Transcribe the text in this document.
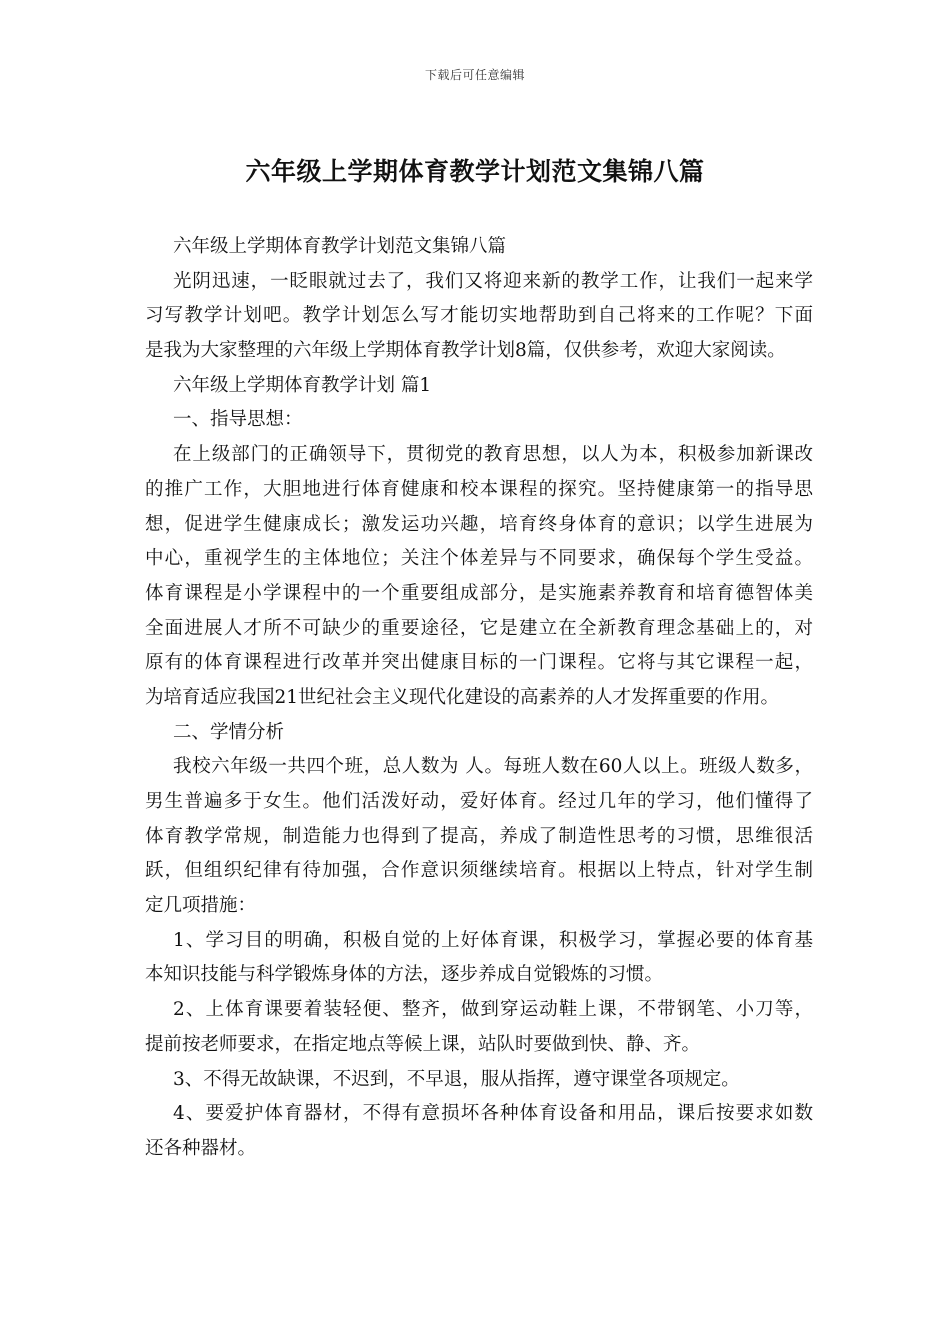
下载后可任意编辑
六年级上学期体育教学计划范文集锦八篇
六年级上学期体育教学计划范文集锦八篇
光阴迅速，一眨眼就过去了，我们又将迎来新的教学工作，让我们一起来学
习写教学计划吧。教学计划怎么写才能切实地帮助到自己将来的工作呢？下面
是我为大家整理的六年级上学期体育教学计划8篇，仅供参考，欢迎大家阅读。
六年级上学期体育教学计划 篇1
一、指导思想：
在上级部门的正确领导下，贯彻党的教育思想，以人为本，积极参加新课改
的推广工作，大胆地进行体育健康和校本课程的探究。坚持健康第一的指导思
想，促进学生健康成长；激发运功兴趣，培育终身体育的意识；以学生进展为
中心，重视学生的主体地位；关注个体差异与不同要求，确保每个学生受益。
体育课程是小学课程中的一个重要组成部分，是实施素养教育和培育德智体美
全面进展人才所不可缺少的重要途径，它是建立在全新教育理念基础上的，对
原有的体育课程进行改革并突出健康目标的一门课程。它将与其它课程一起，
为培育适应我国21世纪社会主义现代化建设的高素养的人才发挥重要的作用。
二、学情分析
我校六年级一共四个班，总人数为 人。每班人数在60人以上。班级人数多，
男生普遍多于女生。他们活泼好动，爱好体育。经过几年的学习，他们懂得了
体育教学常规，制造能力也得到了提高，养成了制造性思考的习惯，思维很活
跃，但组织纪律有待加强，合作意识须继续培育。根据以上特点，针对学生制
定几项措施：
1、学习目的明确，积极自觉的上好体育课，积极学习，掌握必要的体育基
本知识技能与科学锻炼身体的方法，逐步养成自觉锻炼的习惯。
2、上体育课要着装轻便、整齐，做到穿运动鞋上课，不带钢笔、小刀等，
提前按老师要求，在指定地点等候上课，站队时要做到快、静、齐。
3、不得无故缺课，不迟到，不早退，服从指挥，遵守课堂各项规定。
4、要爱护体育器材，不得有意损坏各种体育设备和用品，课后按要求如数
还各种器材。
